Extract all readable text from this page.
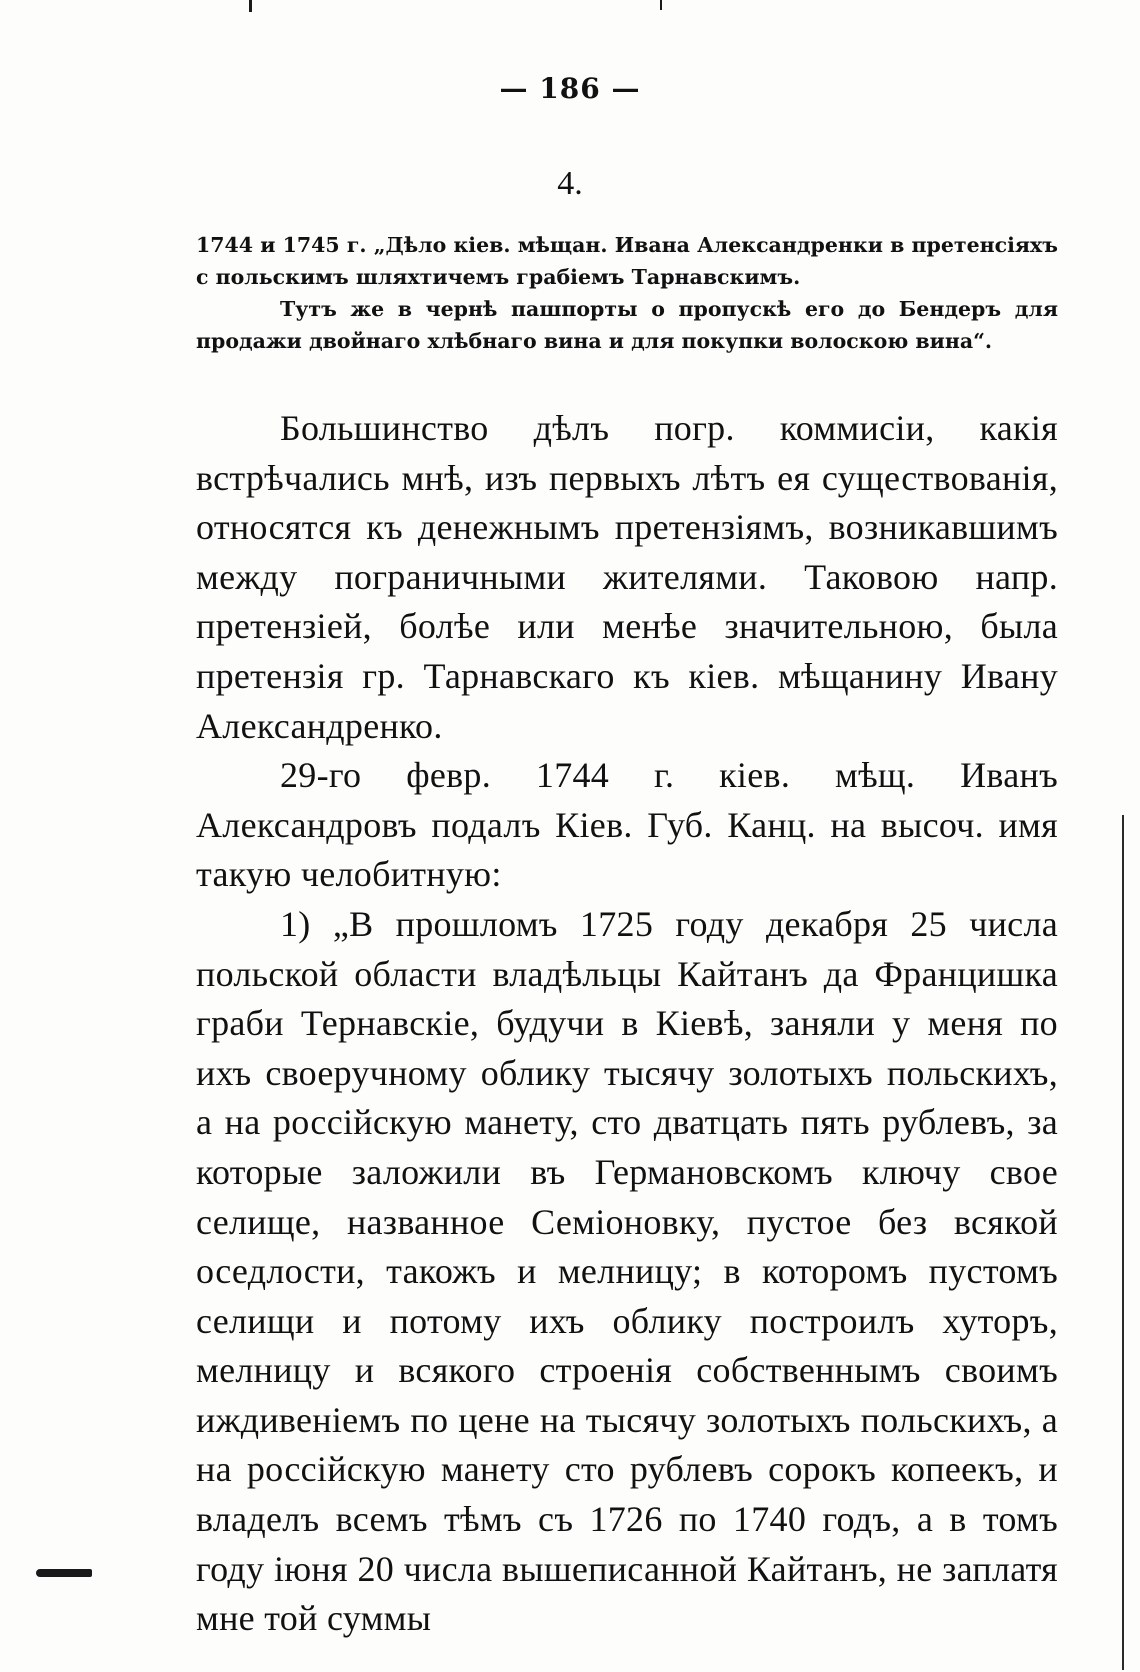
— 186 —
4.

1744 и 1745 г. „Дѣло кiев. мѣщан. Ивана Александренки в претенсiяхъ с польскимъ шляхтичемъ грабiемъ Тарнавскимъ.

Тутъ же в чернѣ пашпорты о пропускѣ его до Бендеръ для продажи двойнаго хлѣбнаго вина и для покупки волоскою вина“.

Большинство дѣлъ погр. коммисiи, какiя встрѣчались мнѣ, изъ первыхъ лѣтъ ея существованiя, относятся къ денежнымъ претензiямъ, возникавшимъ между пограничными жителями. Таковою напр. претензiей, болѣе или менѣе значительною, была претензiя гр. Тарнавскаго къ кiев. мѣщанину Ивану Александренко.

29-го февр. 1744 г. кiев. мѣщ. Иванъ Александровъ подалъ Кiев. Губ. Канц. на высоч. имя такую челобитную:

1) „В прошломъ 1725 году декабря 25 числа польской области владѣльцы Кайтанъ да Францишка граби Тернавскiе, будучи в Кiевѣ, заняли у меня по ихъ своеручному облику тысячу золотыхъ польскихъ, а на россiйскую манету, сто дватцать пять рублевъ, за которые заложили въ Германовскомъ ключу свое селище, названное Семiоновку, пустое без всякой оседлости, такожъ и мелницу; в которомъ пустомъ селищи и потому ихъ облику построилъ хуторъ, мелницу и всякого строенiя собственнымъ своимъ иждивенiемъ по цене на тысячу золотыхъ польскихъ, а на россiйскую манету сто рублевъ сорокъ копеекъ, и владелъ всемъ тѣмъ съ 1726 по 1740 годъ, а в томъ году iюня 20 числа вышеписанной Кайтанъ, не заплатя мне той суммы
